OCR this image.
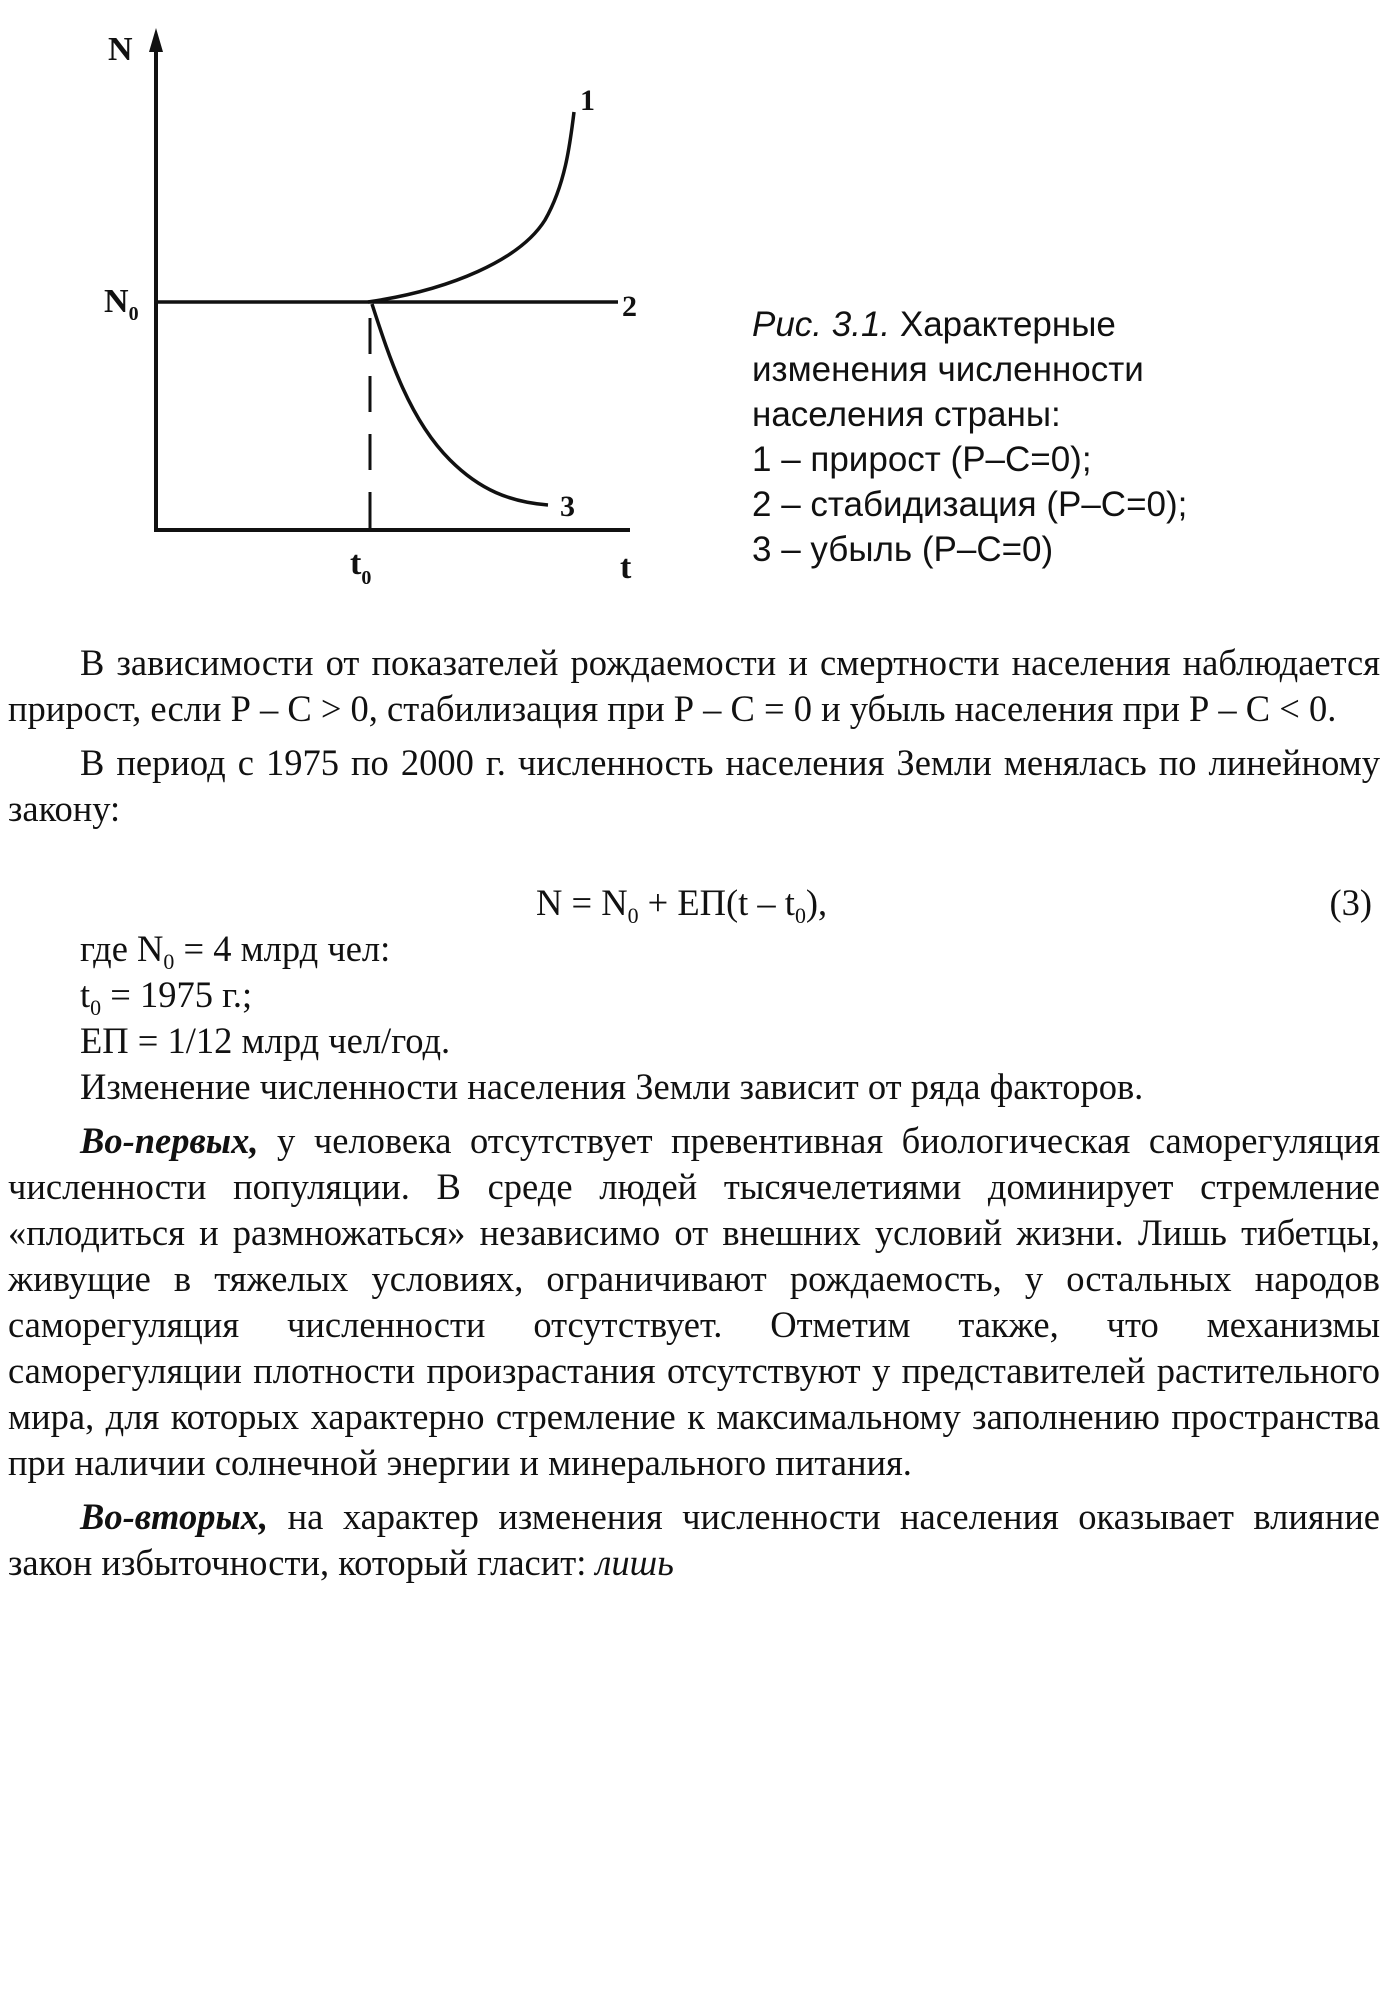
N
t
$N_0$
$t_0$
1
2
3
Рис. 3.1. Характерные
изменения численности
населения страны:
1 – прирост (Р–С=0);
2 – стабидизация (Р–С=0);
3 – убыль (Р–С=0)

В зависимости от показателей рождаемости и смертности населения наблюдается прирост, если Р – С > 0, стабилизация при Р – С = 0 и убыль населения при Р – С < 0.

В период с 1975 по 2000 г. численность населения Земли менялась по линейному закону:

$N = N_0 + ЕП(t - t_0)$,	(3)

где $N_0 = 4$ млрд чел:

$t_0 = 1975$ г.;

ЕП = 1/12 млрд чел/год.

Изменение численности населения Земли зависит от ряда факторов.

Во-первых, у человека отсутствует превентивная биологическая саморегуляция численности популяции. В среде людей тысячелетиями доминирует стремление «плодиться и размножаться» независимо от внешних условий жизни. Лишь тибетцы, живущие в тяжелых условиях, ограничивают рождаемость, у остальных народов саморегуляция численности отсутствует. Отметим также, что механизмы саморегуляции плотности произрастания отсутствуют у представителей растительного мира, для которых характерно стремление к максимальному заполнению пространства при наличии солнечной энергии и минерального питания.

Во-вторых, на характер изменения численности населения оказывает влияние закон избыточности, который гласит: лишь
